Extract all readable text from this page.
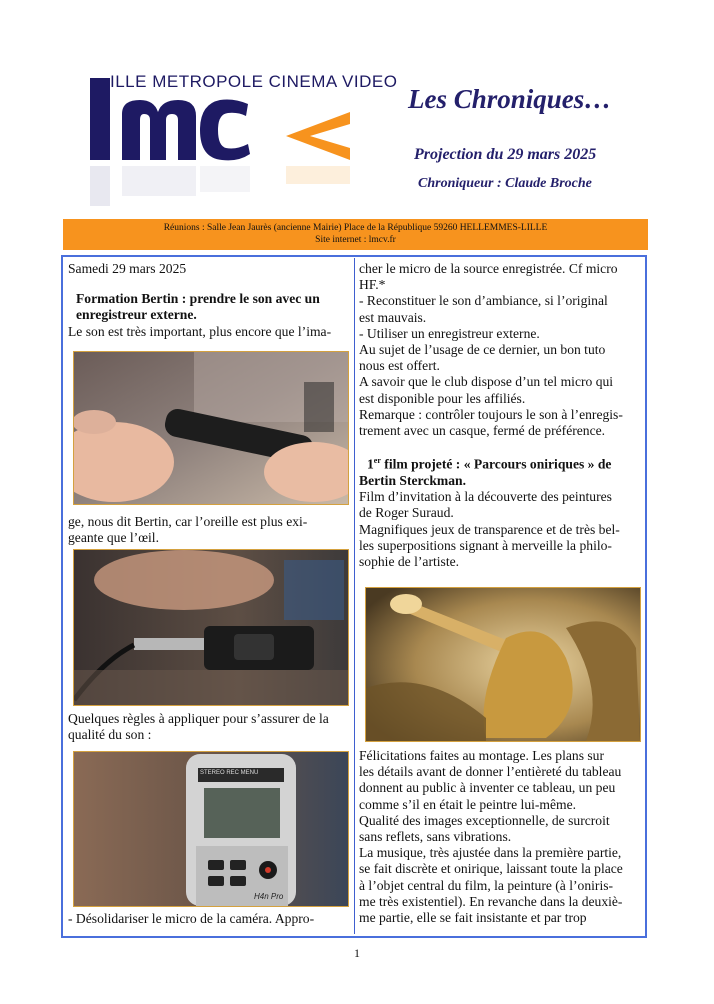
ILLE METROPOLE CINEMA VIDEO
Les Chroniques…
Projection du 29 mars 2025
Chroniqueur : Claude Broche
Réunions : Salle Jean Jaurès (ancienne Mairie) Place de la République 59260 HELLEMMES-LILLE
Site internet : lmcv.fr

Samedi 29 mars 2025

Formation Bertin : prendre le son avec un enregistreur externe.

Le son est très important, plus encore que l’ima-

ge, nous dit Bertin, car l’oreille est plus exi-

geante que l’œil.

Quelques règles à appliquer pour s’assurer de la

qualité du son :

STEREO REC MENU
H4n Pro

- Désolidariser le micro de la caméra. Appro-

cher le micro de la source enregistrée. Cf micro

HF.*

- Reconstituer le son d’ambiance, si l’original

est mauvais.

- Utiliser un enregistreur externe.

Au sujet de l’usage de ce dernier, un bon tuto

nous est offert.

A savoir que le club dispose d’un tel micro qui

est disponible pour les affiliés.

Remarque : contrôler toujours le son à l’enregis-

trement avec un casque, fermé de préférence.

1er film projeté : « Parcours oniriques » de

Bertin Sterckman.

Film d’invitation à la découverte des peintures

de Roger Suraud.

Magnifiques jeux de transparence et de très bel-

les superpositions signant à merveille la philo-

sophie de l’artiste.

Félicitations faites au montage. Les plans sur

les détails avant de donner l’entièreté du tableau

donnent au public à inventer ce tableau, un peu

comme s’il en était le peintre lui-même.

Qualité des images exceptionnelle, de surcroit

sans reflets, sans vibrations.

La musique, très ajustée dans la première partie,

se fait discrète et onirique, laissant toute la place

à l’objet central du film, la peinture (à l’oniris-

me très existentiel). En revanche dans la deuxiè-

me partie, elle se fait insistante et par trop

1
